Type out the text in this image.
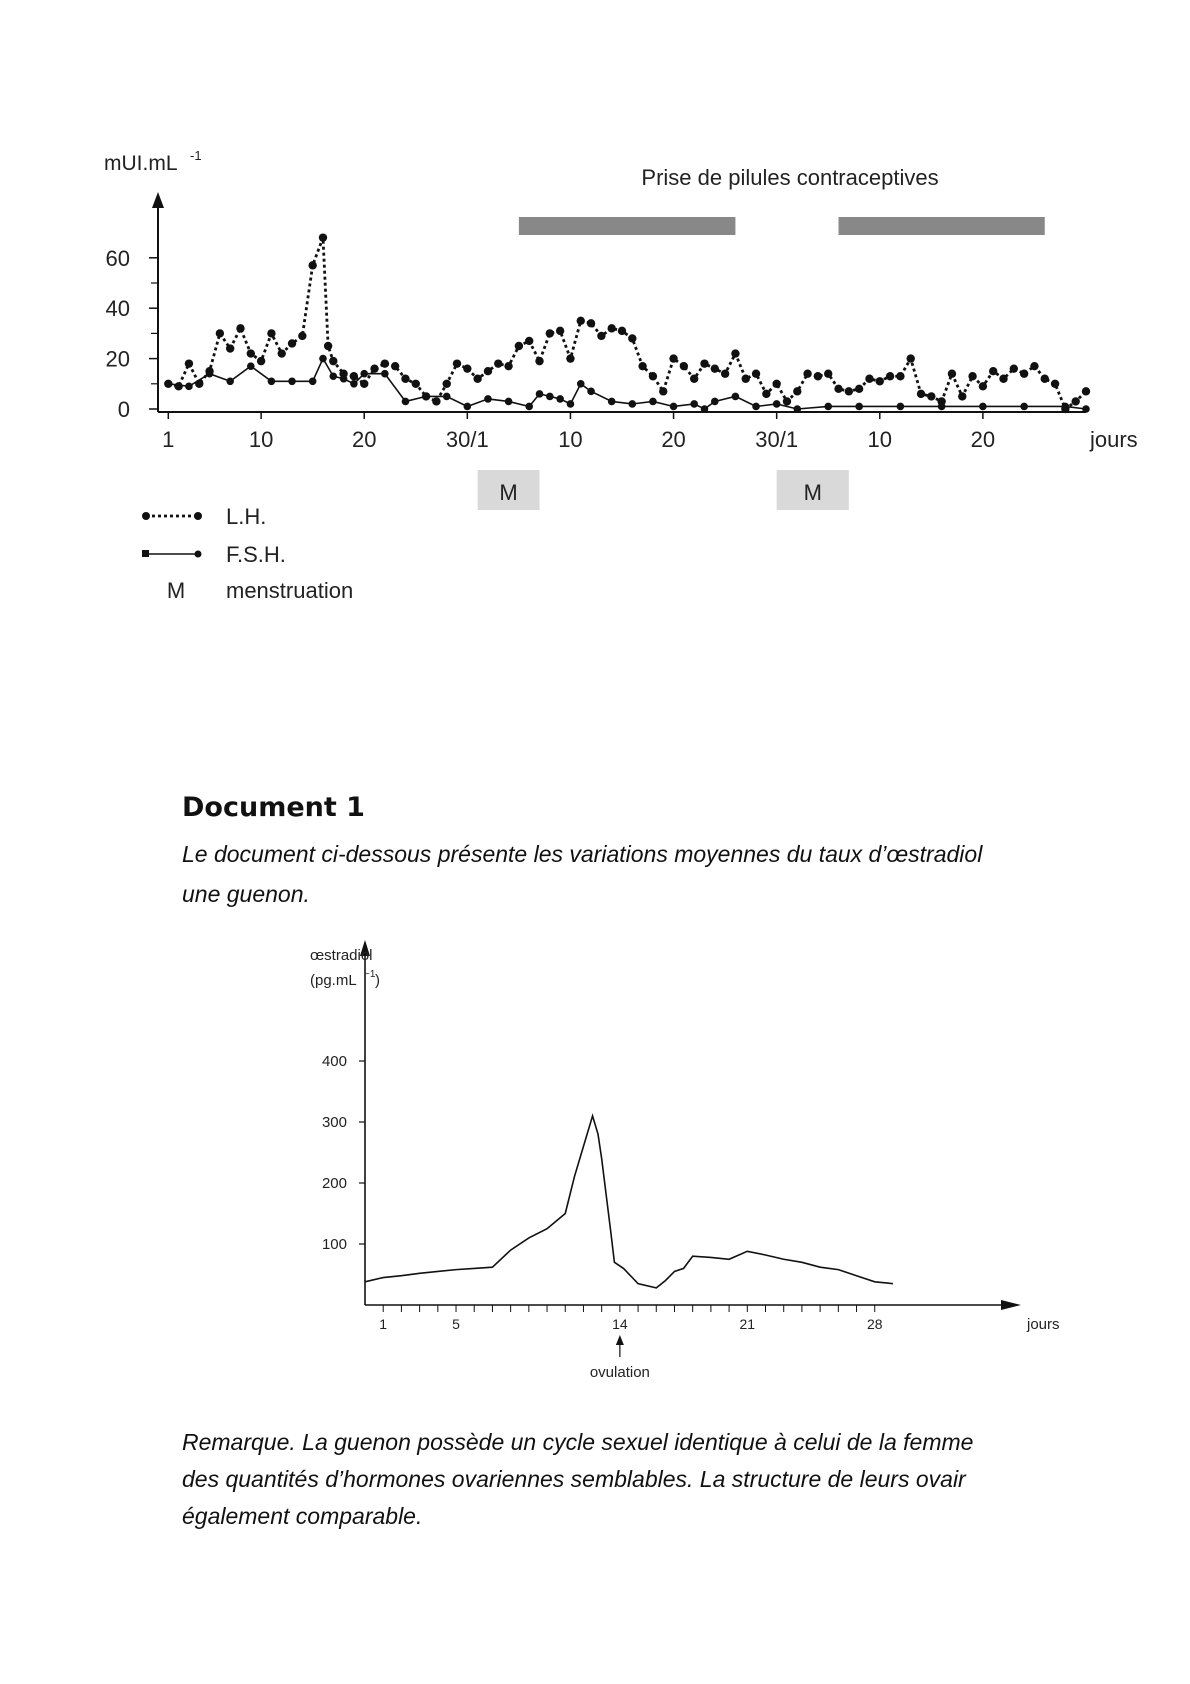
0
20
40
60
1	10	20	30/1	10	20	30/1	10	20	jours
mUI.mL -1
Prise de pilules contraceptives
M	M
L.H.
F.S.H.
M menstruation
Document 1

Le document ci-dessous présente les variations moyennes du taux d’œstradiol
une guenon.

100
200
300
400
1	5	14	21	28	jours
œstradiol
(pg.mL −1 )
ovulation

Remarque. La guenon possède un cycle sexuel identique à celui de la femme
des quantités d’hormones ovariennes semblables. La structure de leurs ovair
également comparable.
